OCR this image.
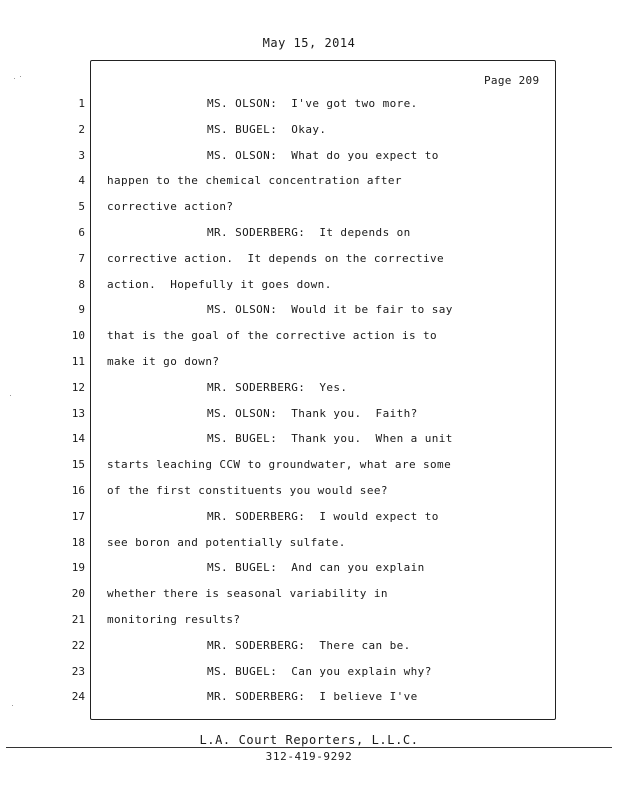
May 15, 2014
Page 209
1	MS. OLSON:  I've got two more.
2	MS. BUGEL:  Okay.
3	MS. OLSON:  What do you expect to
4 happen to the chemical concentration after
5 corrective action?
6	MR. SODERBERG:  It depends on
7 corrective action.  It depends on the corrective
8 action.  Hopefully it goes down.
9	MS. OLSON:  Would it be fair to say
10 that is the goal of the corrective action is to
11 make it go down?
12	MR. SODERBERG:  Yes.
13	MS. OLSON:  Thank you.  Faith?
14	MS. BUGEL:  Thank you.  When a unit
15 starts leaching CCW to groundwater, what are some
16 of the first constituents you would see?
17	MR. SODERBERG:  I would expect to
18 see boron and potentially sulfate.
19	MS. BUGEL:  And can you explain
20 whether there is seasonal variability in
21 monitoring results?
22	MR. SODERBERG:  There can be.
23	MS. BUGEL:  Can you explain why?
24	MR. SODERBERG:  I believe I've
L.A. Court Reporters, L.L.C.
312-419-9292
